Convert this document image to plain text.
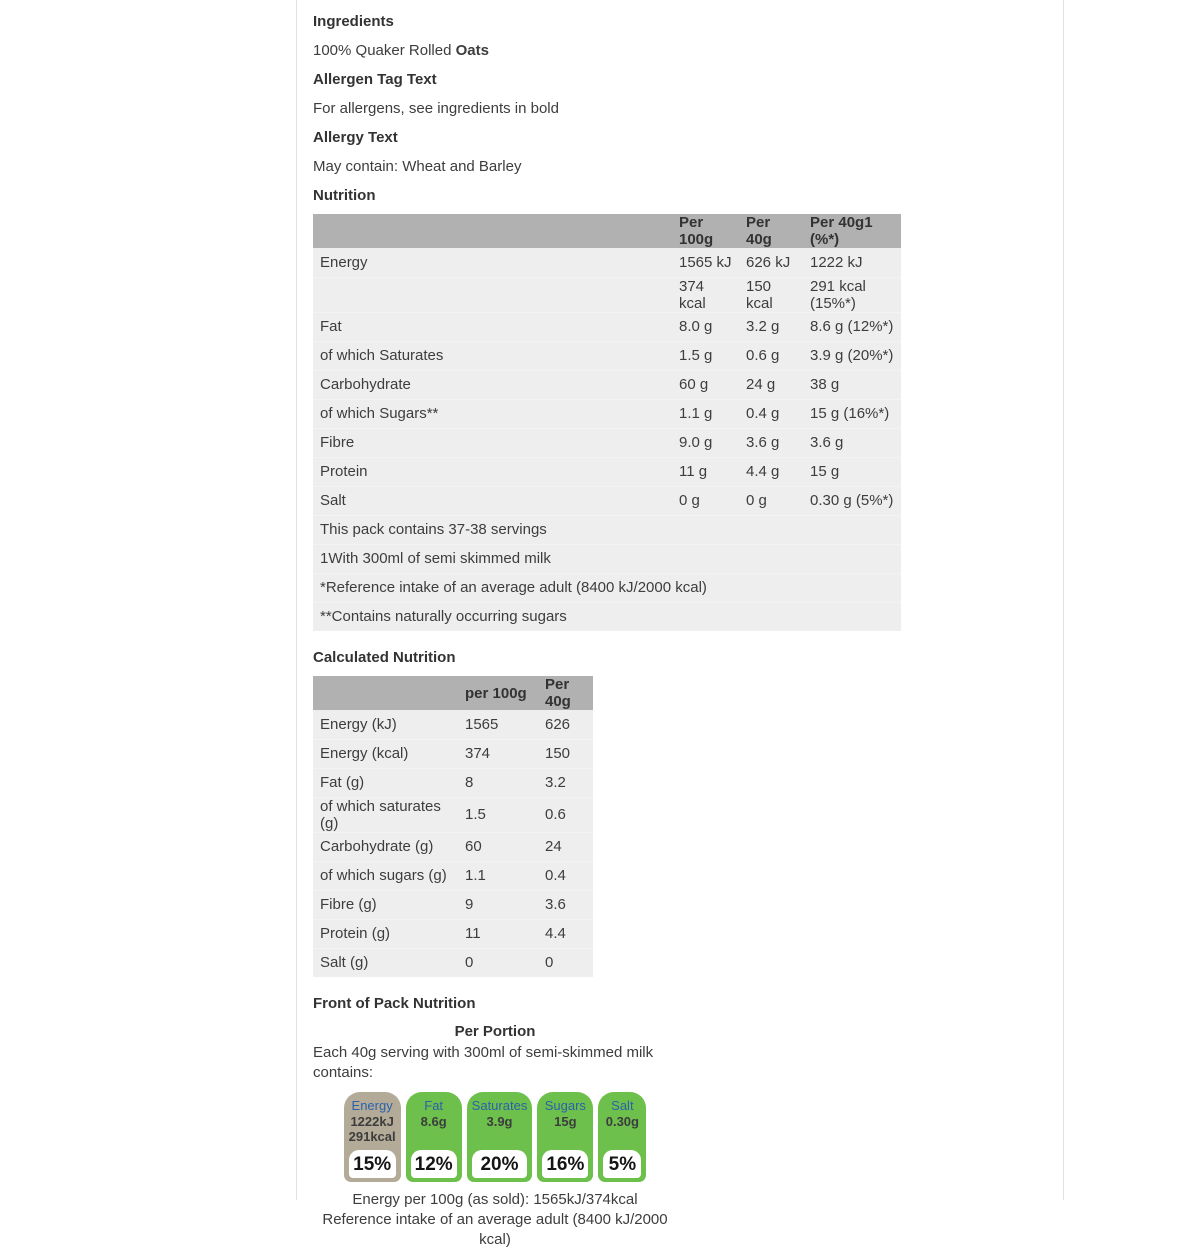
Ingredients
100% Quaker Rolled Oats
Allergen Tag Text
For allergens, see ingredients in bold
Allergy Text
May contain: Wheat and Barley
Nutrition
	Per 100g	Per 40g	Per 40g1 (%*)
Energy	1565 kJ	626 kJ	1222 kJ
	374 kcal	150 kcal	291 kcal (15%*)
Fat	8.0 g	3.2 g	8.6 g (12%*)
of which Saturates	1.5 g	0.6 g	3.9 g (20%*)
Carbohydrate	60 g	24 g	38 g
of which Sugars**	1.1 g	0.4 g	15 g (16%*)
Fibre	9.0 g	3.6 g	3.6 g
Protein	11 g	4.4 g	15 g
Salt	0 g	0 g	0.30 g (5%*)
This pack contains 37-38 servings			
1With 300ml of semi skimmed milk			
*Reference intake of an average adult (8400 kJ/2000 kcal)			
**Contains naturally occurring sugars			
Calculated Nutrition
	per 100g	Per 40g
Energy (kJ)	1565	626
Energy (kcal)	374	150
Fat (g)	8	3.2
of which saturates (g)	1.5	0.6
Carbohydrate (g)	60	24
of which sugars (g)	1.1	0.4
Fibre (g)	9	3.6
Protein (g)	11	4.4
Salt (g)	0	0
Front of Pack Nutrition
Per Portion
Each 40g serving with 300ml of semi-skimmed milk contains:
Energy
1222kJ
291kcal
15%
Fat
8.6g
12%
Saturates
3.9g
20%
Sugars
15g
16%
Salt
0.30g
5%
Energy per 100g (as sold): 1565kJ/374kcal
Reference intake of an average adult (8400 kJ/2000 kcal)
